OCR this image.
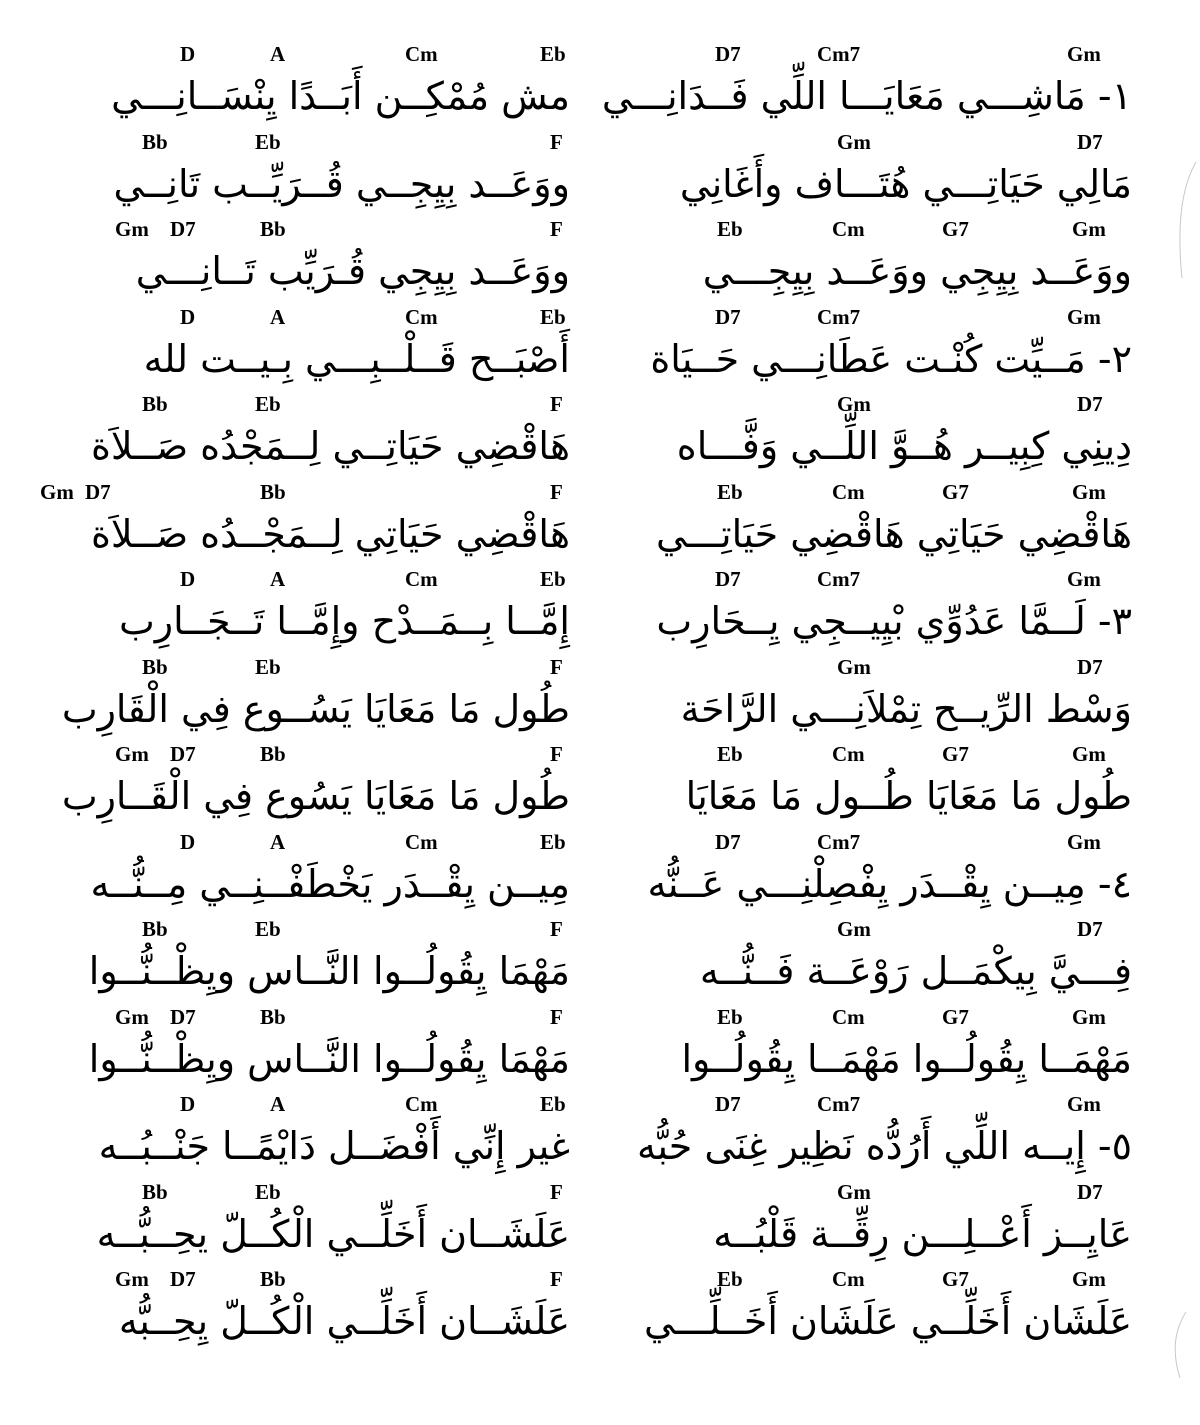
D	A	Cm	Eb
مش مُمْكِــن أَبَــدًا يِنْسَــانِـــي
Bb	Eb	F
ووَعَــد بِيِجِــي قُــرَيِّــب تَانِــي
Gm D7	Bb	F
ووَعَــد بِيِجِي قُـرَيِّب تَــانِـــي
D	A	Cm	Eb
أَصْبَــح قَــلْــبِـــي بِـيــت لله
Bb	Eb	F
هَاقْضِي حَيَاتِــي لِــمَجْدُه صَــلاَة
Gm D7	Bb	F
هَاقْضِي حَيَاتِي لِــمَجْــدُه صَــلاَة
D	A	Cm	Eb
إِمَّــا بِــمَــدْح وإِمَّــا تَــجَــارِب
Bb	Eb	F
طُول مَا مَعَايَا يَسُــوع فِي الْقَارِب
Gm D7	Bb	F
طُول مَا مَعَايَا يَسُوع فِي الْقَــارِب
D	A	Cm	Eb
مِيــن يِقْــدَر يَخْطَفْــنِــي مِــنُّــه
Bb	Eb	F
مَهْمَا يِقُولُــوا النَّــاس ويِظْــنُّــوا
Gm D7	Bb	F
مَهْمَا يِقُولُــوا النَّــاس ويِظْــنُّــوا
D	A	Cm	Eb
غير إِنِّي أَفْضَــل دَايْمًــا جَنْــبُــه
Bb	Eb	F
عَلَشَــان أَخَلِّــي الْكُــلّ يحِــبُّــه
Gm D7	Bb	F
عَلَشَــان أَخَلِّــي الْكُــلّ يِحِــبُّه
D7	Cm7	Gm
١- مَاشِـــي مَعَايَـــا اللِّي فَــدَانِـــي
Gm	D7
مَالِي حَيَاتِـــي هُتَـــاف وأَغَانِي
Eb	Cm	G7	Gm
ووَعَــد بِيِجِي ووَعَــد بِيِجِـــي
D7	Cm7	Gm
٢- مَــيِّت كُنْـت عَطَانِـــي حَــيَاة
Gm	D7
دِينِي كِبِيــر هُــوَّ اللِّــي وَفَّـــاه
Eb	Cm	G7	Gm
هَاقْضِي حَيَاتِي هَاقْضِي حَيَاتِـــي
D7	Cm7	Gm
٣- لَــمَّا عَدُوِّي بْيِيــجِي يِــحَارِب
Gm	D7
وَسْط الرِّيــح تِمْلاَنِـــي الرَّاحَة
Eb	Cm	G7	Gm
طُول مَا مَعَايَا طُــول مَا مَعَايَا
D7	Cm7	Gm
٤- مِيــن يِقْــدَر يِفْصِلْنِـــي عَــنُّه
Gm	D7
فِـــيَّ بِيكْمَــل رَوْعَــة فَــنُّــه
Eb	Cm	G7	Gm
مَهْمَــا يِقُولُــوا مَهْمَــا يِقُولُــوا
D7	Cm7	Gm
٥- إِيــه اللِّي أَرُدُّه نَظِير غِنَى حُبُّه
Gm	D7
عَايِــز أَعْــلِـــن رِقِّــة قَلْبُــه
Eb	Cm	G7	Gm
عَلَشَان أَخَلِّــي عَلَشَان أَخَــلِّـــي
